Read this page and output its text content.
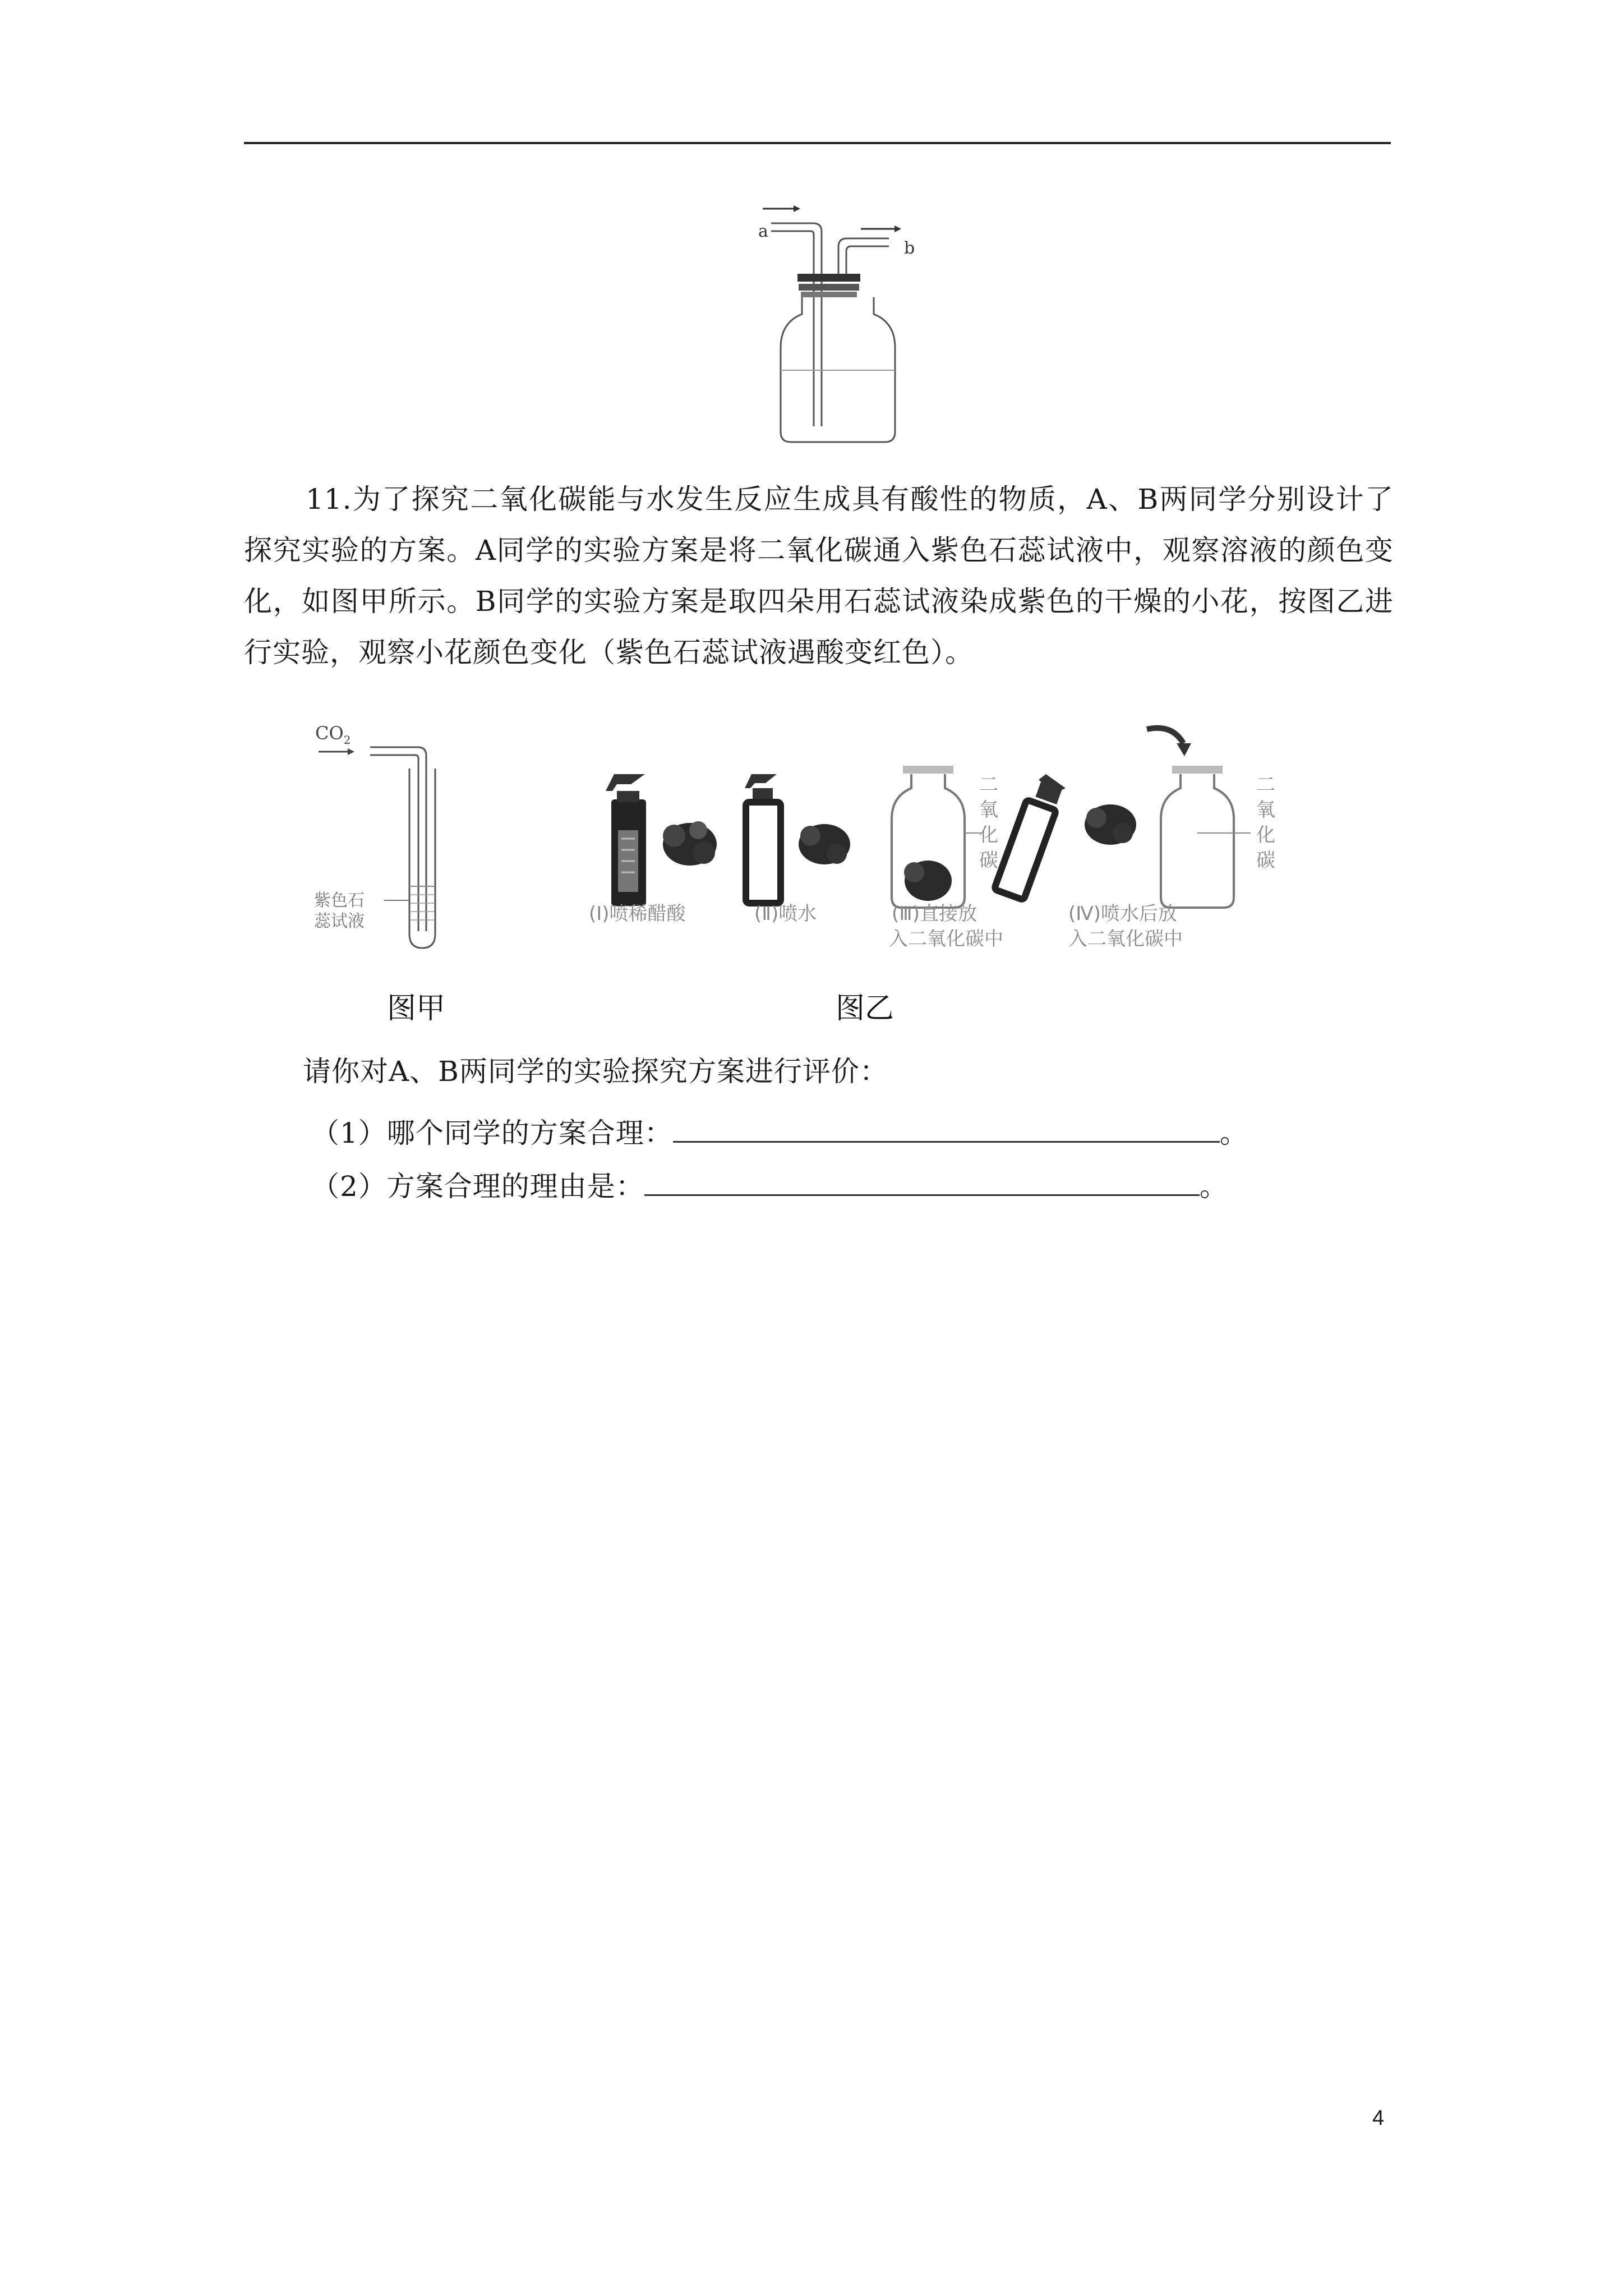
a
b
11.为了探究二氧化碳能与水发生反应生成具有酸性的物质，A、B两同学分别设计了探究实验的方案。A同学的实验方案是将二氧化碳通入紫色石蕊试液中，观察溶液的颜色变化，如图甲所示。B同学的实验方案是取四朵用石蕊试液染成紫色的干燥的小花，按图乙进行实验，观察小花颜色变化（紫色石蕊试液遇酸变红色）。
$CO_2$
紫色石
蕊试液
图甲
二
氧
化
碳
二
氧
化
碳
(Ⅰ)喷稀醋酸	(Ⅱ)喷水	(Ⅲ)直接放
入二氧化碳中
(Ⅳ)喷水后放
入二氧化碳中
图乙
请你对A、B两同学的实验探究方案进行评价：
（1）哪个同学的方案合理：	。
（2）方案合理的理由是：	。
4
